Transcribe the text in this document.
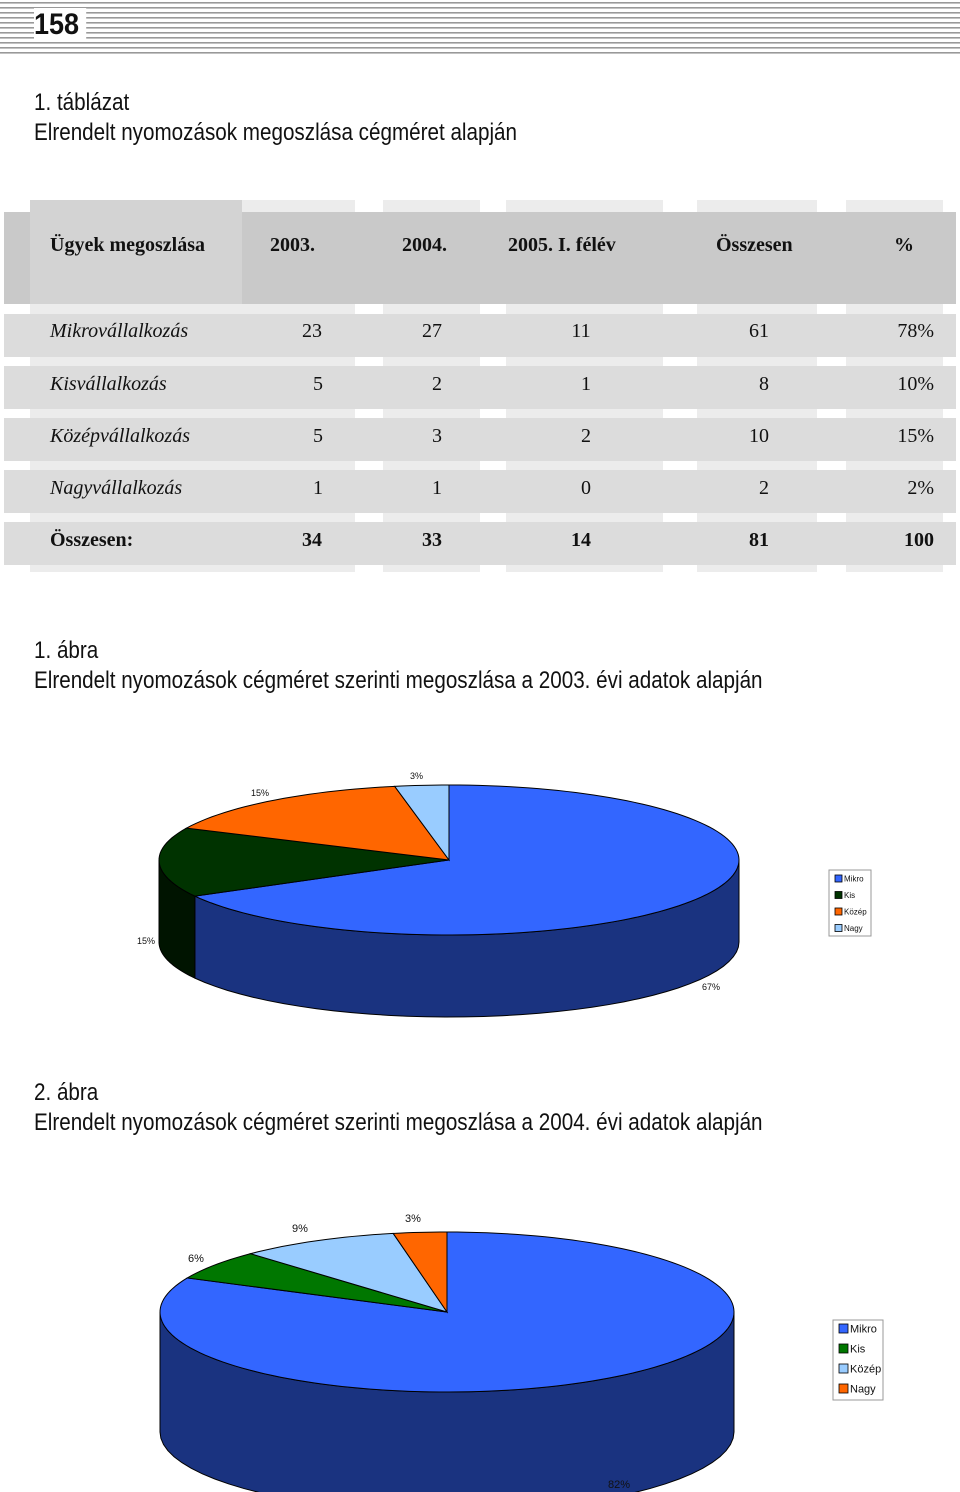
158
1. táblázat
Elrendelt nyomozások megoszlása cégméret alapján
Ügyek megoszlása	2003.	2004.	2005. I. félév	Összesen	%
Mikrovállalkozás	23	27	11	61	78%
Kisvállalkozás	5	2	1	8	10%
Középvállalkozás	5	3	2	10	15%
Nagyvállalkozás	1	1	0	2	2%
Összesen:	34	33	14	81	100
1. ábra
Elrendelt nyomozások cégméret szerinti megoszlása a 2003. évi adatok alapján
67%
15%
15%
3%
Mikro
Kis
Közép
Nagy
2. ábra
Elrendelt nyomozások cégméret szerinti megoszlása a 2004. évi adatok alapján
82%
6%
9%
3%
Mikro
Kis
Közép
Nagy
